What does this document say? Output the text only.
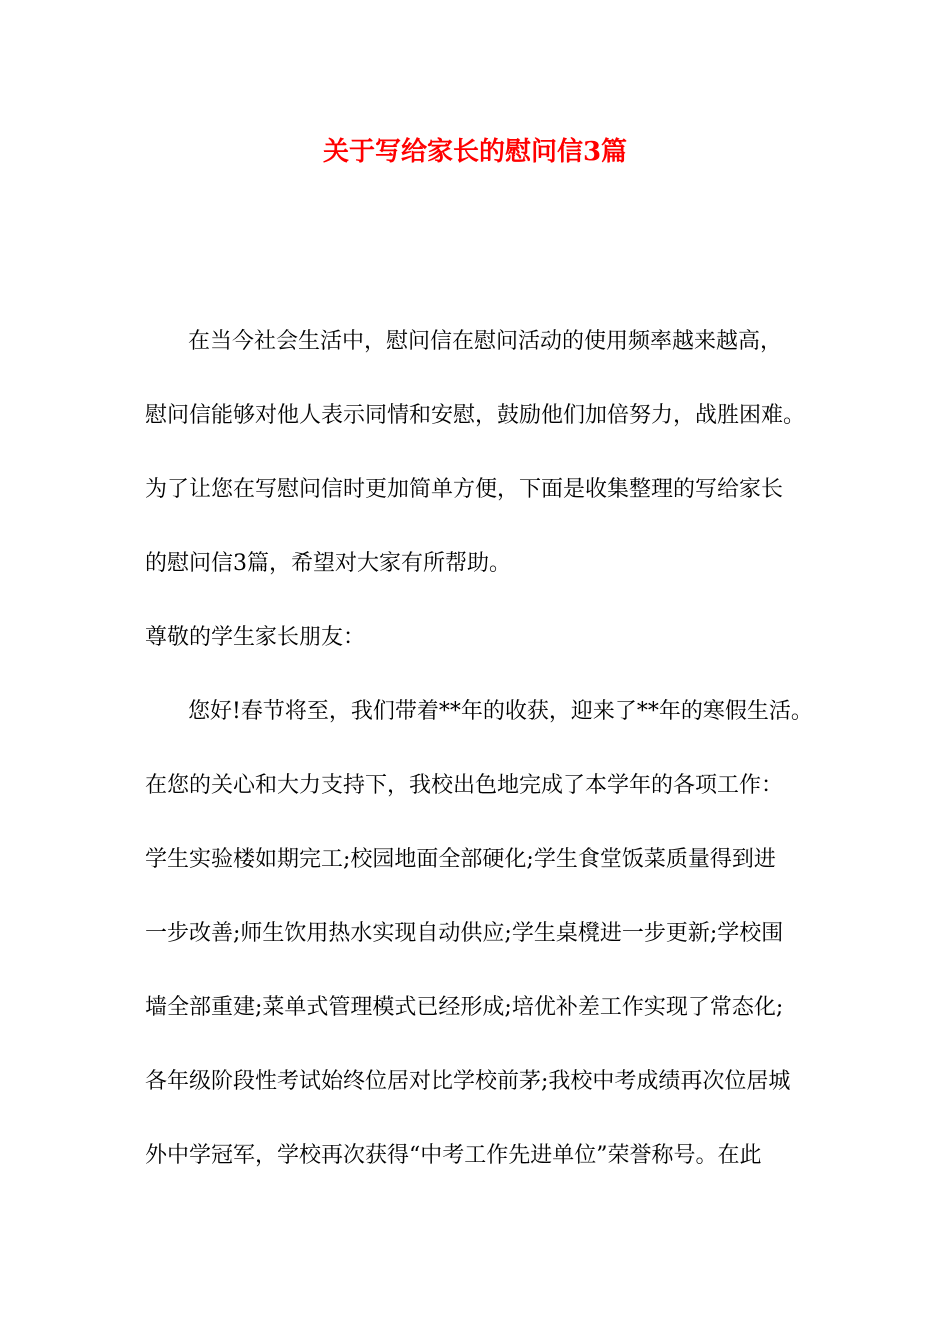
关于写给家长的慰问信3篇
在当今社会生活中，慰问信在慰问活动的使用频率越来越高，
慰问信能够对他人表示同情和安慰，鼓励他们加倍努力，战胜困难。
为了让您在写慰问信时更加简单方便，下面是收集整理的写给家长
的慰问信3篇，希望对大家有所帮助。
尊敬的学生家长朋友：
您好!春节将至，我们带着**年的收获，迎来了**年的寒假生活。
在您的关心和大力支持下，我校出色地完成了本学年的各项工作：
学生实验楼如期完工;校园地面全部硬化;学生食堂饭菜质量得到进
一步改善;师生饮用热水实现自动供应;学生桌櫈进一步更新;学校围
墙全部重建;菜单式管理模式已经形成;培优补差工作实现了常态化;
各年级阶段性考试始终位居对比学校前茅;我校中考成绩再次位居城
外中学冠军，学校再次获得“中考工作先进单位”荣誉称号。在此
